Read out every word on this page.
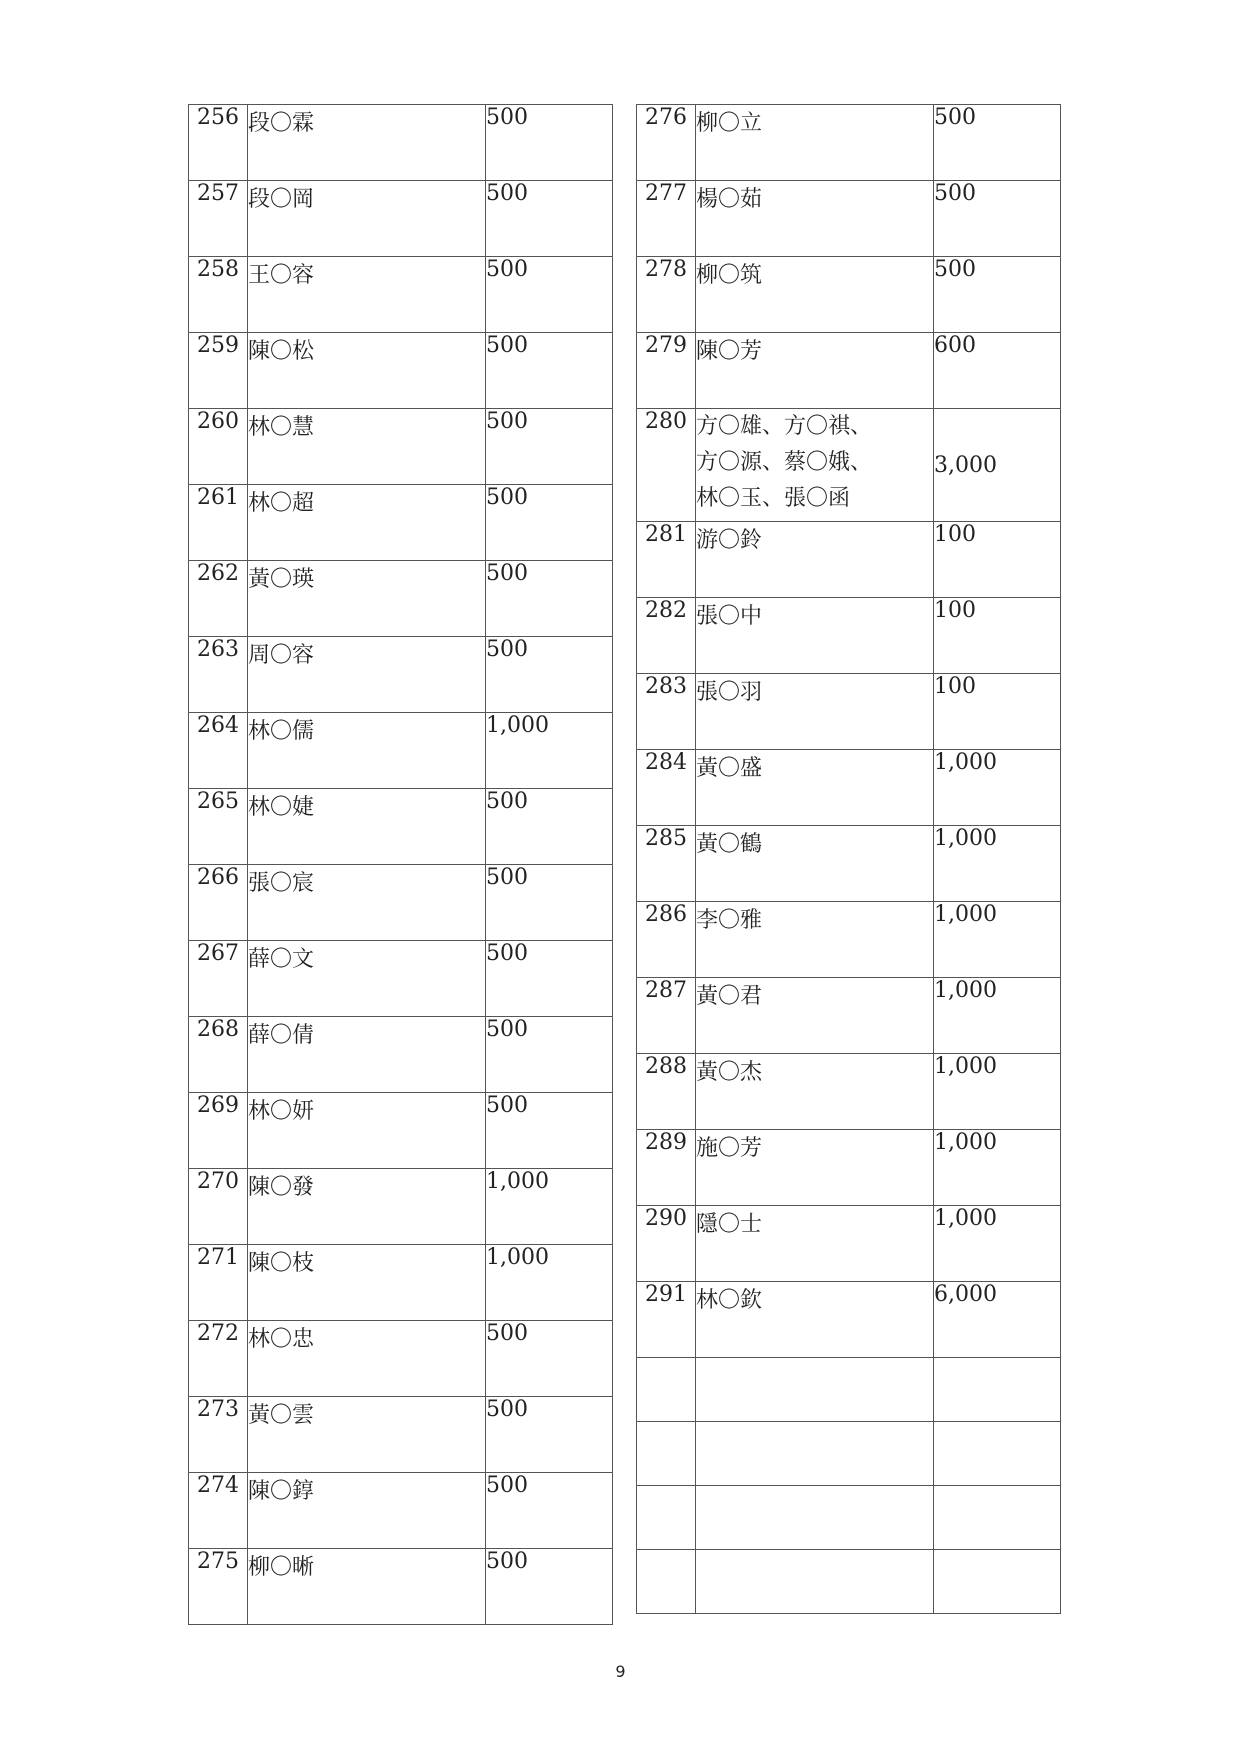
256	段〇霖	500
257	段〇岡	500
258	王〇容	500
259	陳〇松	500
260	林〇慧	500
261	林〇超	500
262	黃〇瑛	500
263	周〇容	500
264	林〇儒	1,000
265	林〇婕	500
266	張〇宸	500
267	薛〇文	500
268	薛〇倩	500
269	林〇妍	500
270	陳〇發	1,000
271	陳〇枝	1,000
272	林〇忠	500
273	黃〇雲	500
274	陳〇錞	500
275	柳〇晰	500
276	柳〇立	500
277	楊〇茹	500
278	柳〇筑	500
279	陳〇芳	600
280	方〇雄、方〇祺、
方〇源、蔡〇娥、
林〇玉、張〇函	3,000
281	游〇鈴	100
282	張〇中	100
283	張〇羽	100
284	黃〇盛	1,000
285	黃〇鶴	1,000
286	李〇雅	1,000
287	黃〇君	1,000
288	黃〇杰	1,000
289	施〇芳	1,000
290	隱〇士	1,000
291	林〇欽	6,000

9
